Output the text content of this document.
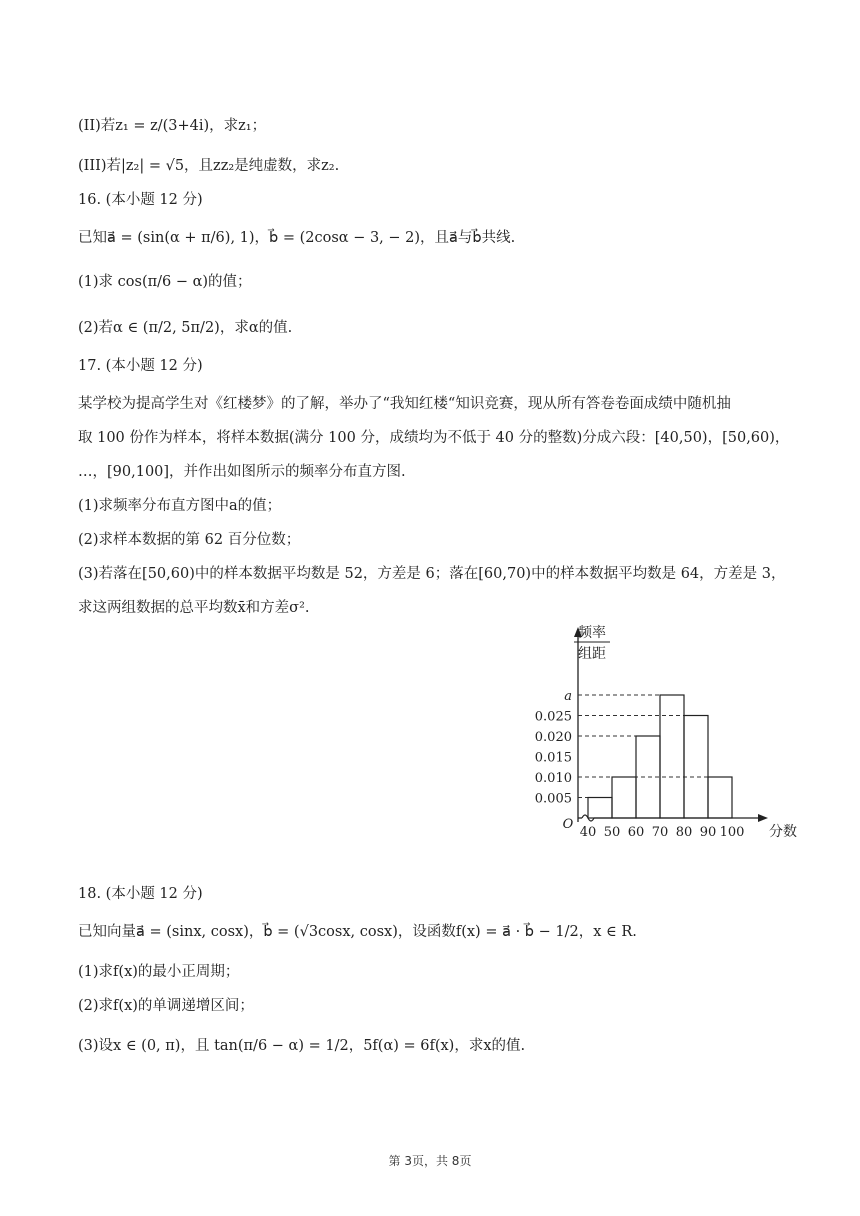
(II)若z₁ = z/(3+4i)，求z₁；
(III)若|z₂| = √5，且zz₂是纯虚数，求z₂.
16. (本小题 12 分)
已知a⃗ = (sin(α + π/6), 1)，b⃗ = (2cosα − 3, − 2)，且a⃗与b⃗共线.
(1)求 cos(π/6 − α)的值；
(2)若α ∈ (π/2, 5π/2)，求α的值.
17. (本小题 12 分)
某学校为提高学生对《红楼梦》的了解，举办了“我知红楼“知识竞赛，现从所有答卷卷面成绩中随机抽
取 100 份作为样本，将样本数据(满分 100 分，成绩均为不低于 40 分的整数)分成六段：[40,50)，[50,60)，
…，[90,100]，并作出如图所示的频率分布直方图.
(1)求频率分布直方图中a的值；
(2)求样本数据的第 62 百分位数；
(3)若落在[50,60)中的样本数据平均数是 52，方差是 6；落在[60,70)中的样本数据平均数是 64，方差是 3，
求这两组数据的总平均数x̄和方差σ².
频率
组距
O
0.005
0.010
0.015
0.020
0.025
a
40 50 60 70 80 90 100 分数
18. (本小题 12 分)
已知向量a⃗ = (sinx, cosx)，b⃗ = (√3cosx, cosx)，设函数f(x) = a⃗ · b⃗ − 1/2，x ∈ R.
(1)求f(x)的最小正周期；
(2)求f(x)的单调递增区间；
(3)设x ∈ (0, π)，且 tan(π/6 − α) = 1/2，5f(α) = 6f(x)，求x的值.
第 3页，共 8页
